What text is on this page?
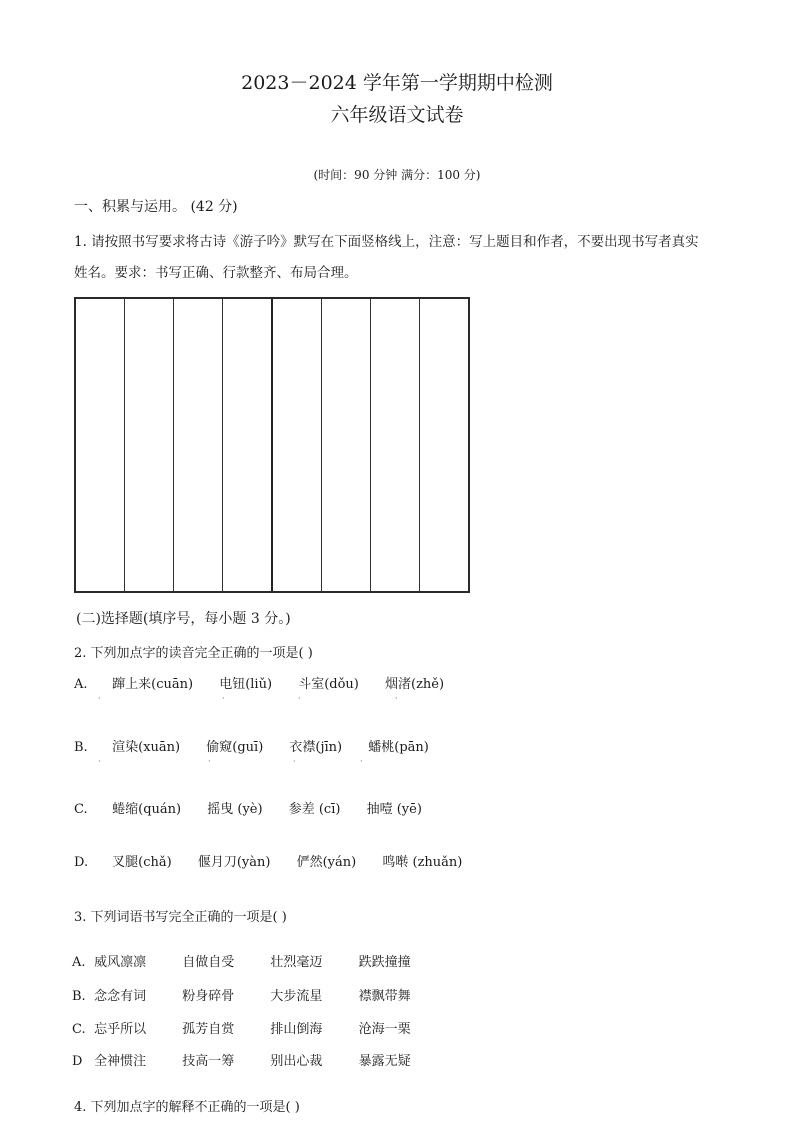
2023－2024 学年第一学期期中检测
六年级语文试卷
(时间：90 分钟 满分：100 分)
一、积累与运用。 (42 分)
1. 请按照书写要求将古诗《游子吟》默写在下面竖格线上，注意：写上题目和作者，不要出现书写者真实
姓名。要求：书写正确、行款整齐、布局合理。
(二)选择题(填序号，每小题 3 分。)
2. 下列加点字的读音完全正确的一项是( )
A. 蹿上来(cuān) 电钮(liǔ) 斗室(dǒu) 烟渚(zhě)
·	·	·	·
B. 渲染(xuān) 偷窥(guī) 衣襟(jīn) 蟠桃(pān)
·	·	·	·
C. 蜷缩(quán) 摇曳 (yè) 参差 (cī) 抽噎 (yē)
D. 叉腿(chǎ) 偃月刀(yàn) 俨然(yán) 鸣啭 (zhuǎn)
3. 下列词语书写完全正确的一项是( )
A. 威风凛凛	自做自受	壮烈毫迈	跌跌撞撞
B. 念念有词	粉身碎骨	大步流星	襟飘带舞
C. 忘乎所以	孤芳自赏	排山倒海	沧海一栗
D 全神惯注	技高一筹	别出心裁	暴露无疑
4. 下列加点字的解释不正确的一项是( )
